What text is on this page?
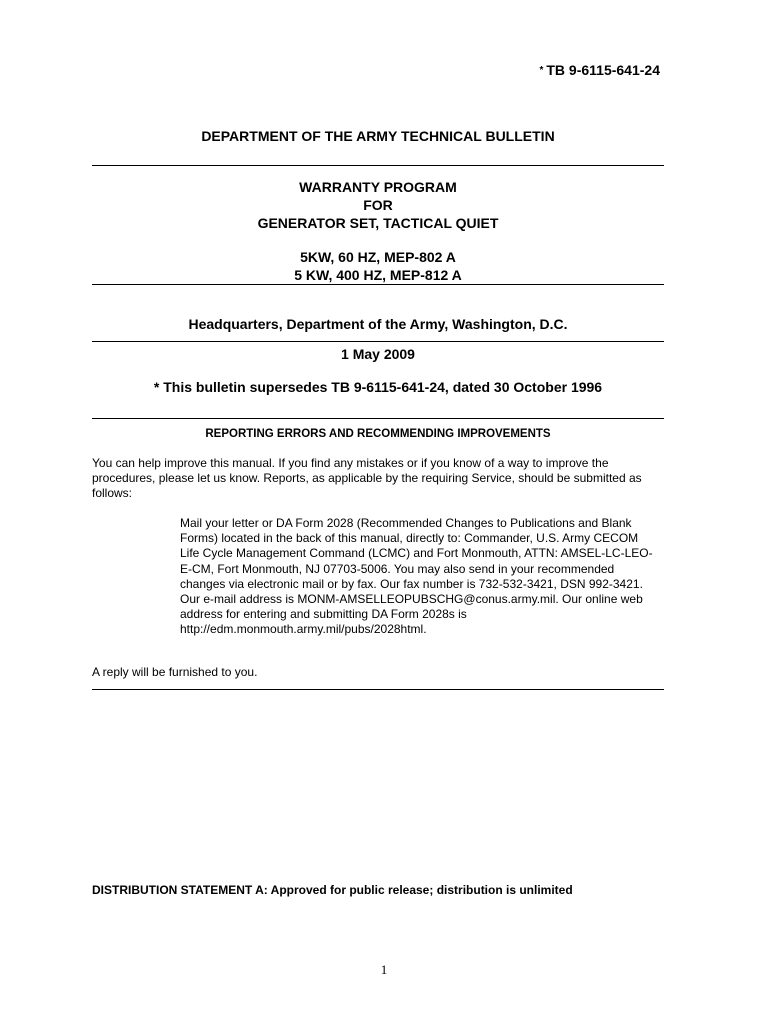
* TB 9-6115-641-24
DEPARTMENT OF THE ARMY TECHNICAL BULLETIN
WARRANTY PROGRAM
FOR
GENERATOR SET, TACTICAL QUIET
5KW, 60 HZ, MEP-802 A
5 KW, 400 HZ, MEP-812 A
Headquarters, Department of the Army, Washington, D.C.
1 May 2009
* This bulletin supersedes TB 9-6115-641-24, dated 30 October 1996
REPORTING ERRORS AND RECOMMENDING IMPROVEMENTS
You can help improve this manual. If you find any mistakes or if you know of a way to improve the
procedures, please let us know. Reports, as applicable by the requiring Service, should be submitted as
follows:
Mail your letter or DA Form 2028 (Recommended Changes to Publications and Blank
Forms) located in the back of this manual, directly to: Commander, U.S. Army CECOM
Life Cycle Management Command (LCMC) and Fort Monmouth, ATTN: AMSEL-LC-LEO-
E-CM, Fort Monmouth, NJ 07703-5006. You may also send in your recommended
changes via electronic mail or by fax. Our fax number is 732-532-3421, DSN 992-3421.
Our e-mail address is MONM-AMSELLEOPUBSCHG@conus.army.mil. Our online web
address for entering and submitting DA Form 2028s is
http://edm.monmouth.army.mil/pubs/2028html.
A reply will be furnished to you.
DISTRIBUTION STATEMENT A: Approved for public release; distribution is unlimited
1
